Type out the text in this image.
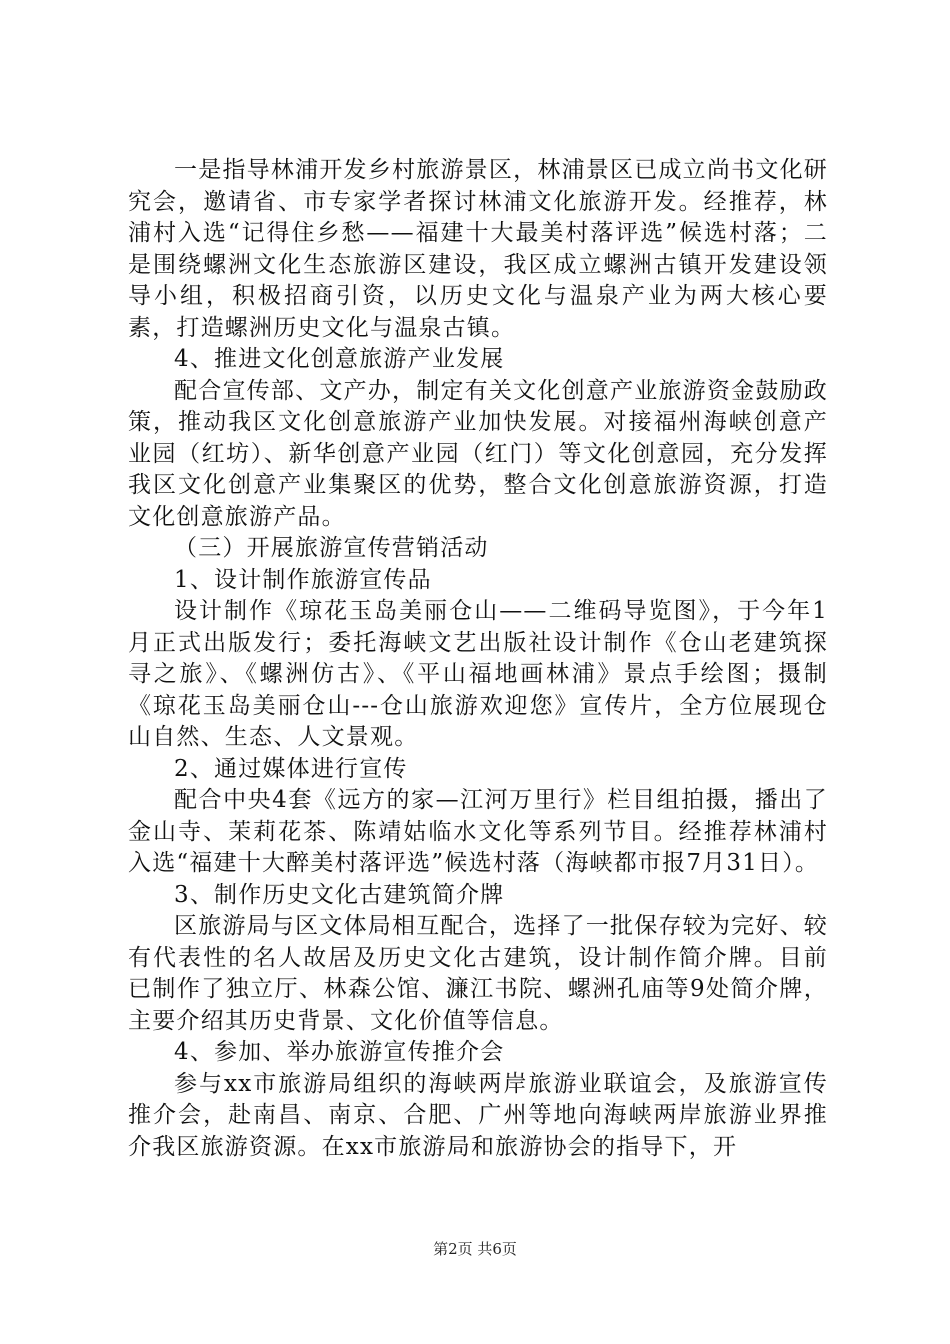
一是指导林浦开发乡村旅游景区，林浦景区已成立尚书文化研究会，邀请省、市专家学者探讨林浦文化旅游开发。经推荐，林浦村入选“记得住乡愁——福建十大最美村落评选”候选村落；二是围绕螺洲文化生态旅游区建设，我区成立螺洲古镇开发建设领导小组，积极招商引资，以历史文化与温泉产业为两大核心要素，打造螺洲历史文化与温泉古镇。

4、推进文化创意旅游产业发展

配合宣传部、文产办，制定有关文化创意产业旅游资金鼓励政策，推动我区文化创意旅游产业加快发展。对接福州海峡创意产业园（红坊）、新华创意产业园（红门）等文化创意园，充分发挥我区文化创意产业集聚区的优势，整合文化创意旅游资源，打造文化创意旅游产品。

（三）开展旅游宣传营销活动

1、设计制作旅游宣传品

设计制作《琼花玉岛美丽仓山——二维码导览图》，于今年1月正式出版发行；委托海峡文艺出版社设计制作《仓山老建筑探寻之旅》、《螺洲仿古》、《平山福地画林浦》景点手绘图；摄制《琼花玉岛美丽仓山---仓山旅游欢迎您》宣传片，全方位展现仓山自然、生态、人文景观。

2、通过媒体进行宣传

配合中央4套《远方的家—江河万里行》栏目组拍摄，播出了金山寺、茉莉花茶、陈靖姑临水文化等系列节目。经推荐林浦村入选“福建十大醉美村落评选”候选村落（海峡都市报7月31日）。

3、制作历史文化古建筑简介牌

区旅游局与区文体局相互配合，选择了一批保存较为完好、较有代表性的名人故居及历史文化古建筑，设计制作简介牌。目前已制作了独立厅、林森公馆、濂江书院、螺洲孔庙等9处简介牌，主要介绍其历史背景、文化价值等信息。

4、参加、举办旅游宣传推介会

参与xx市旅游局组织的海峡两岸旅游业联谊会，及旅游宣传推介会，赴南昌、南京、合肥、广州等地向海峡两岸旅游业界推介我区旅游资源。在xx市旅游局和旅游协会的指导下，开

第2页 共6页
